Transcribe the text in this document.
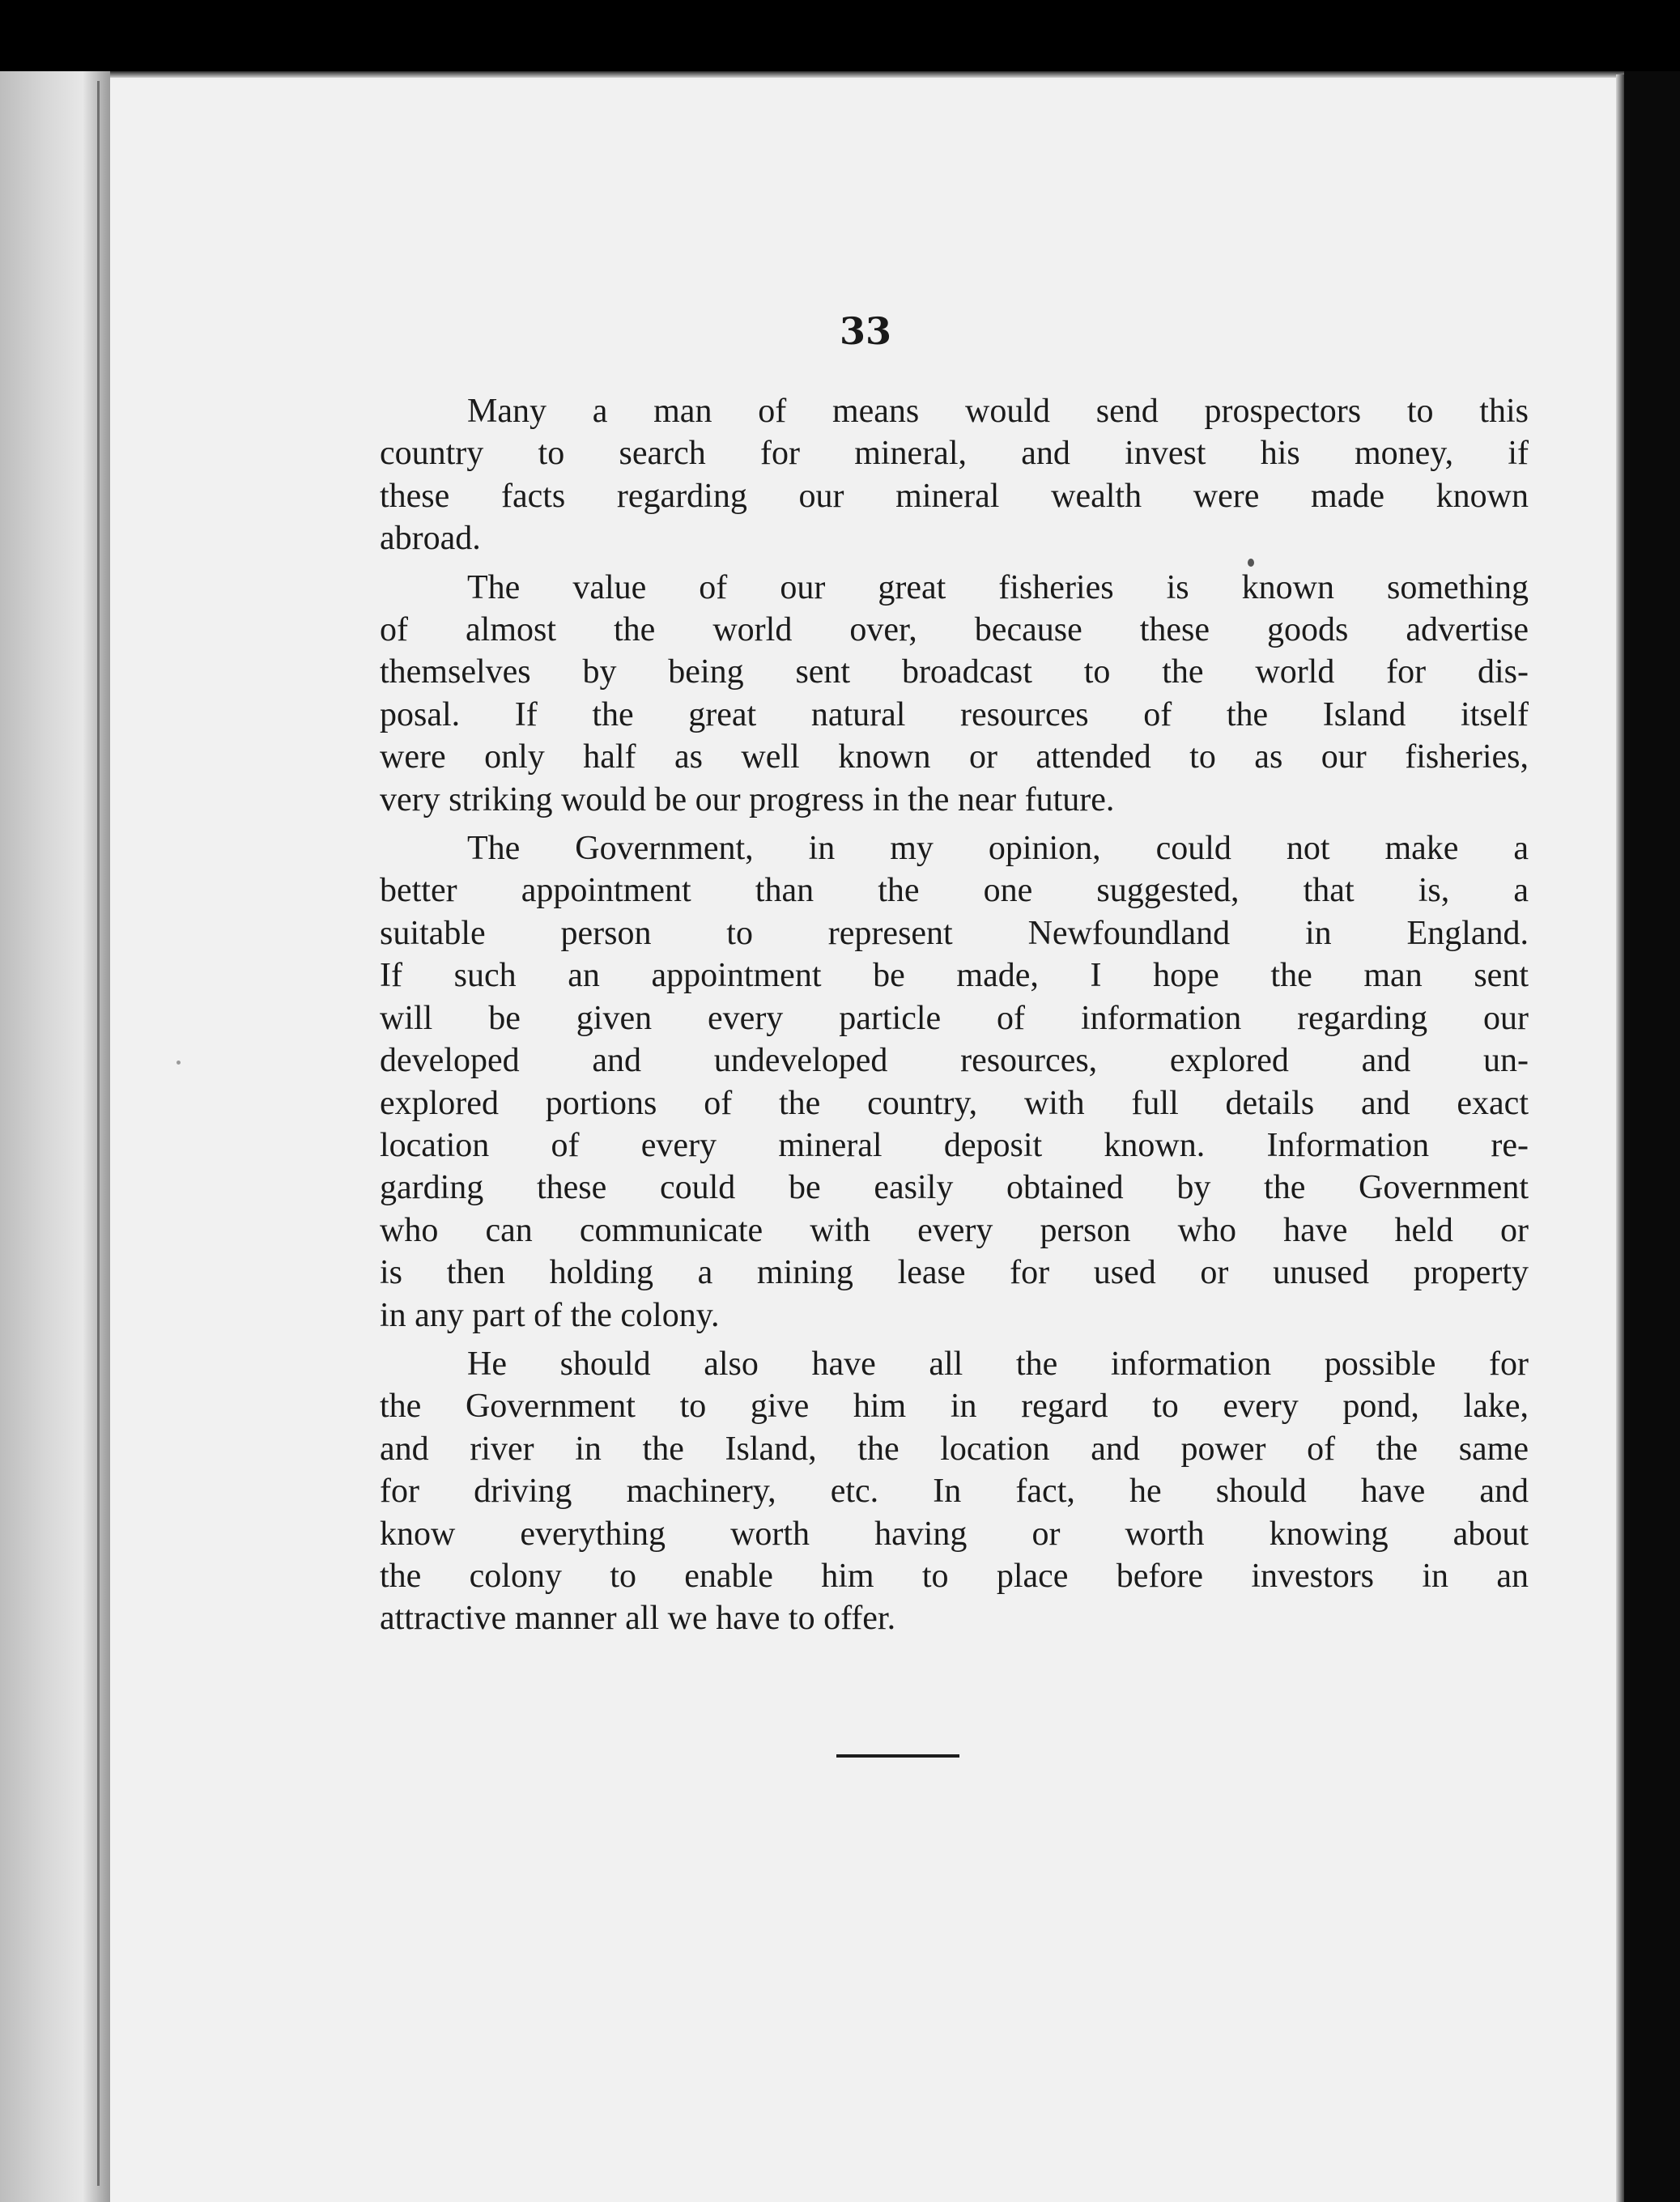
33

Many a man of means would send prospectors to this
country to search for mineral, and invest his money, if
these facts regarding our mineral wealth were made known
abroad.

The value of our great fisheries is known something
of almost the world over, because these goods advertise
themselves by being sent broadcast to the world for dis-
posal. If the great natural resources of the Island itself
were only half as well known or attended to as our fisheries,
very striking would be our progress in the near future.

The Government, in my opinion, could not make a
better appointment than the one suggested, that is, a
suitable person to represent Newfoundland in England.
If such an appointment be made, I hope the man sent
will be given every particle of information regarding our
developed and undeveloped resources, explored and un-
explored portions of the country, with full details and exact
location of every mineral deposit known. Information re-
garding these could be easily obtained by the Government
who can communicate with every person who have held or
is then holding a mining lease for used or unused property
in any part of the colony.

He should also have all the information possible for
the Government to give him in regard to every pond, lake,
and river in the Island, the location and power of the same
for driving machinery, etc. In fact, he should have and
know everything worth having or worth knowing about
the colony to enable him to place before investors in an
attractive manner all we have to offer.
